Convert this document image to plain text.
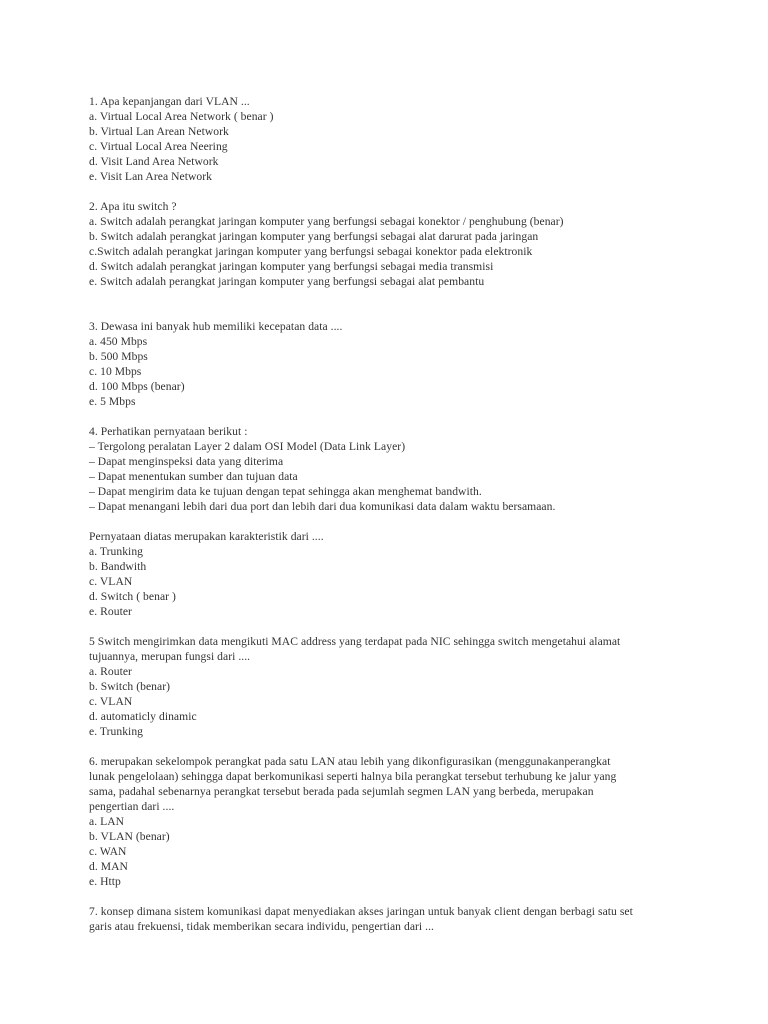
1. Apa kepanjangan dari VLAN ...
a. Virtual Local Area Network ( benar )
b. Virtual Lan Arean Network
c. Virtual Local Area Neering
d. Visit Land Area Network
e. Visit Lan Area Network
2. Apa itu switch ?
a. Switch adalah perangkat jaringan komputer yang berfungsi sebagai konektor / penghubung (benar)
b. Switch adalah perangkat jaringan komputer yang berfungsi sebagai alat darurat pada jaringan
c.Switch adalah perangkat jaringan komputer yang berfungsi sebagai konektor pada elektronik
d. Switch adalah perangkat jaringan komputer yang berfungsi sebagai media transmisi
e. Switch adalah perangkat jaringan komputer yang berfungsi sebagai alat pembantu
3. Dewasa ini banyak hub memiliki kecepatan data ....
a. 450 Mbps
b. 500 Mbps
c. 10 Mbps
d. 100 Mbps (benar)
e. 5 Mbps
4. Perhatikan pernyataan berikut :
– Tergolong peralatan Layer 2 dalam OSI Model (Data Link Layer)
– Dapat menginspeksi data yang diterima
– Dapat menentukan sumber dan tujuan data
– Dapat mengirim data ke tujuan dengan tepat sehingga akan menghemat bandwith.
– Dapat menangani lebih dari dua port dan lebih dari dua komunikasi data dalam waktu bersamaan.
Pernyataan diatas merupakan karakteristik dari ....
a. Trunking
b. Bandwith
c. VLAN
d. Switch ( benar )
e. Router
5 Switch mengirimkan data mengikuti MAC address yang terdapat pada NIC sehingga switch mengetahui alamat
tujuannya, merupan fungsi dari ....
a. Router
b. Switch (benar)
c. VLAN
d. automaticly dinamic
e. Trunking
6. merupakan sekelompok perangkat pada satu LAN atau lebih yang dikonfigurasikan (menggunakanperangkat
lunak pengelolaan) sehingga dapat berkomunikasi seperti halnya bila perangkat tersebut terhubung ke jalur yang
sama, padahal sebenarnya perangkat tersebut berada pada sejumlah segmen LAN yang berbeda, merupakan
pengertian dari ....
a. LAN
b. VLAN (benar)
c. WAN
d. MAN
e. Http
7. konsep dimana sistem komunikasi dapat menyediakan akses jaringan untuk banyak client dengan berbagi satu set
garis atau frekuensi, tidak memberikan secara individu, pengertian dari ...
